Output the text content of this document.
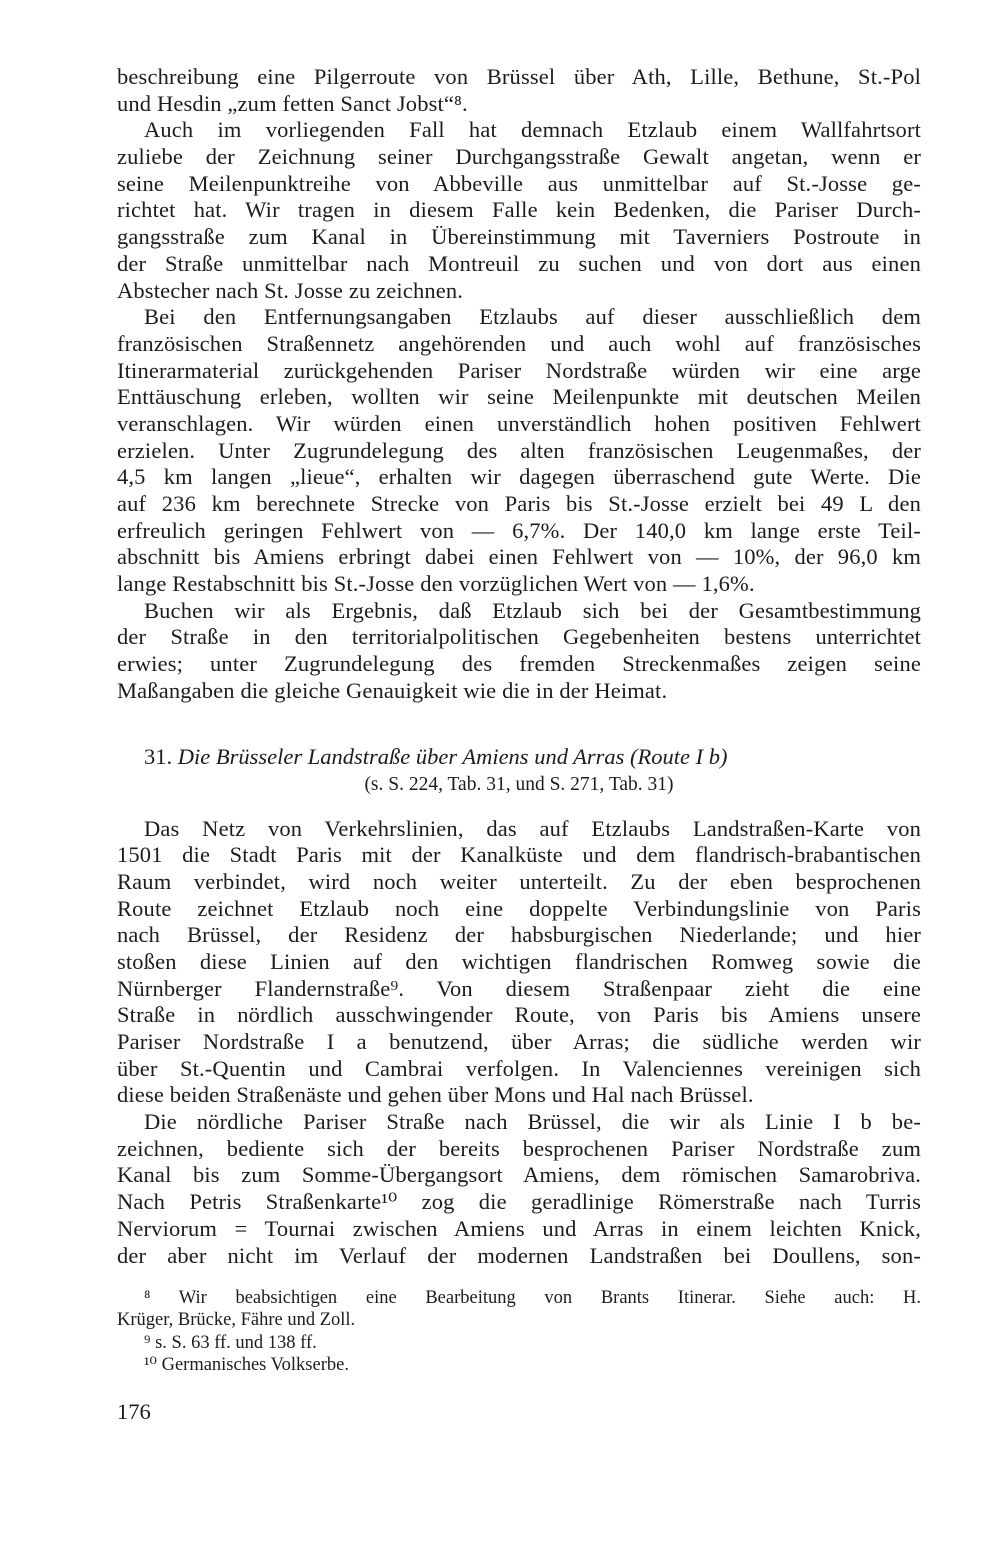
beschreibung eine Pilgerroute von Brüssel über Ath, Lille, Bethune, St.-Pol
und Hesdin „zum fetten Sanct Jobst“⁸.
Auch im vorliegenden Fall hat demnach Etzlaub einem Wallfahrtsort
zuliebe der Zeichnung seiner Durchgangsstraße Gewalt angetan, wenn er
seine Meilenpunktreihe von Abbeville aus unmittelbar auf St.-Josse ge-
richtet hat. Wir tragen in diesem Falle kein Bedenken, die Pariser Durch-
gangsstraße zum Kanal in Übereinstimmung mit Taverniers Postroute in
der Straße unmittelbar nach Montreuil zu suchen und von dort aus einen
Abstecher nach St. Josse zu zeichnen.
Bei den Entfernungsangaben Etzlaubs auf dieser ausschließlich dem
französischen Straßennetz angehörenden und auch wohl auf französisches
Itinerarmaterial zurückgehenden Pariser Nordstraße würden wir eine arge
Enttäuschung erleben, wollten wir seine Meilenpunkte mit deutschen Meilen
veranschlagen. Wir würden einen unverständlich hohen positiven Fehlwert
erzielen. Unter Zugrundelegung des alten französischen Leugenmaßes, der
4,5 km langen „lieue“, erhalten wir dagegen überraschend gute Werte. Die
auf 236 km berechnete Strecke von Paris bis St.-Josse erzielt bei 49 L den
erfreulich geringen Fehlwert von — 6,7%. Der 140,0 km lange erste Teil-
abschnitt bis Amiens erbringt dabei einen Fehlwert von — 10%, der 96,0 km
lange Restabschnitt bis St.-Josse den vorzüglichen Wert von — 1,6%.
Buchen wir als Ergebnis, daß Etzlaub sich bei der Gesamtbestimmung
der Straße in den territorialpolitischen Gegebenheiten bestens unterrichtet
erwies; unter Zugrundelegung des fremden Streckenmaßes zeigen seine
Maßangaben die gleiche Genauigkeit wie die in der Heimat.
31. Die Brüsseler Landstraße über Amiens und Arras (Route I b)
(s. S. 224, Tab. 31, und S. 271, Tab. 31)
Das Netz von Verkehrslinien, das auf Etzlaubs Landstraßen-Karte von
1501 die Stadt Paris mit der Kanalküste und dem flandrisch-brabantischen
Raum verbindet, wird noch weiter unterteilt. Zu der eben besprochenen
Route zeichnet Etzlaub noch eine doppelte Verbindungslinie von Paris
nach Brüssel, der Residenz der habsburgischen Niederlande; und hier
stoßen diese Linien auf den wichtigen flandrischen Romweg sowie die
Nürnberger Flandernstraße⁹. Von diesem Straßenpaar zieht die eine
Straße in nördlich ausschwingender Route, von Paris bis Amiens unsere
Pariser Nordstraße I a benutzend, über Arras; die südliche werden wir
über St.-Quentin und Cambrai verfolgen. In Valenciennes vereinigen sich
diese beiden Straßenäste und gehen über Mons und Hal nach Brüssel.
Die nördliche Pariser Straße nach Brüssel, die wir als Linie I b be-
zeichnen, bediente sich der bereits besprochenen Pariser Nordstraße zum
Kanal bis zum Somme-Übergangsort Amiens, dem römischen Samarobriva.
Nach Petris Straßenkarte¹⁰ zog die geradlinige Römerstraße nach Turris
Nerviorum = Tournai zwischen Amiens und Arras in einem leichten Knick,
der aber nicht im Verlauf der modernen Landstraßen bei Doullens, son-
⁸ Wir beabsichtigen eine Bearbeitung von Brants Itinerar. Siehe auch: H.
Krüger, Brücke, Fähre und Zoll.
⁹ s. S. 63 ff. und 138 ff.
¹⁰ Germanisches Volkserbe.
176
